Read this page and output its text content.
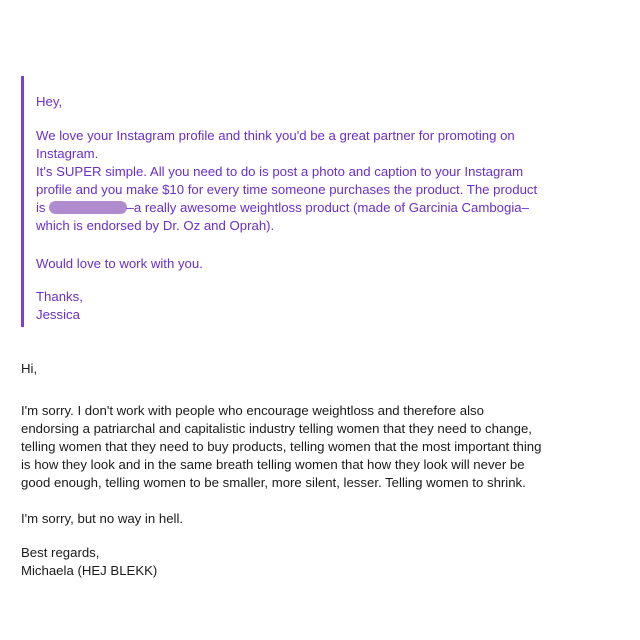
Hey,

We love your Instagram profile and think you'd be a great partner for promoting on
Instagram.
It's SUPER simple. All you need to do is post a photo and caption to your Instagram
profile and you make $10 for every time someone purchases the product. The product
is	–a really awesome weightloss product (made of Garcinia Cambogia–
which is endorsed by Dr. Oz and Oprah).

Would love to work with you.

Thanks,
Jessica

Hi,

I'm sorry. I don't work with people who encourage weightloss and therefore also
endorsing a patriarchal and capitalistic industry telling women that they need to change,
telling women that they need to buy products, telling women that the most important thing
is how they look and in the same breath telling women that how they look will never be
good enough, telling women to be smaller, more silent, lesser. Telling women to shrink.

I'm sorry, but no way in hell.

Best regards,
Michaela (HEJ BLEKK)
